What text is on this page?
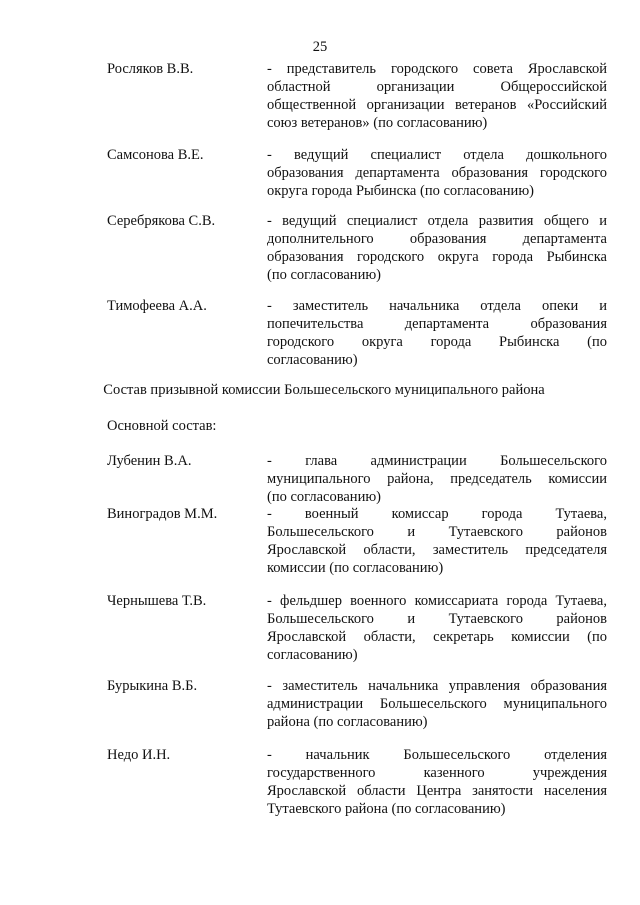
25
Росляков В.В.	- представитель городского совета Ярославской
областной организации Общероссийской
общественной организации ветеранов «Российский
союз ветеранов» (по согласованию)
Самсонова В.Е.	- ведущий специалист отдела дошкольного
образования департамента образования городского
округа города Рыбинска (по согласованию)
Серебрякова С.В.	- ведущий специалист отдела развития общего и
дополнительного образования департамента
образования городского округа города Рыбинска
(по согласованию)
Тимофеева А.А.	- заместитель начальника отдела опеки и
попечительства департамента образования
городского округа города Рыбинска (по
согласованию)
Состав призывной комиссии Большесельского муниципального района
Основной состав:
Лубенин В.А.	- глава администрации Большесельского
муниципального района, председатель комиссии
(по согласованию)
Виноградов М.М.	- военный комиссар города Тутаева,
Большесельского и Тутаевского районов
Ярославской области, заместитель председателя
комиссии (по согласованию)
Чернышева Т.В.	- фельдшер военного комиссариата города Тутаева,
Большесельского и Тутаевского районов
Ярославской области, секретарь комиссии (по
согласованию)
Бурыкина В.Б.	- заместитель начальника управления образования
администрации Большесельского муниципального
района (по согласованию)
Недо И.Н.	- начальник Большесельского отделения
государственного казенного учреждения
Ярославской области Центра занятости населения
Тутаевского района (по согласованию)
